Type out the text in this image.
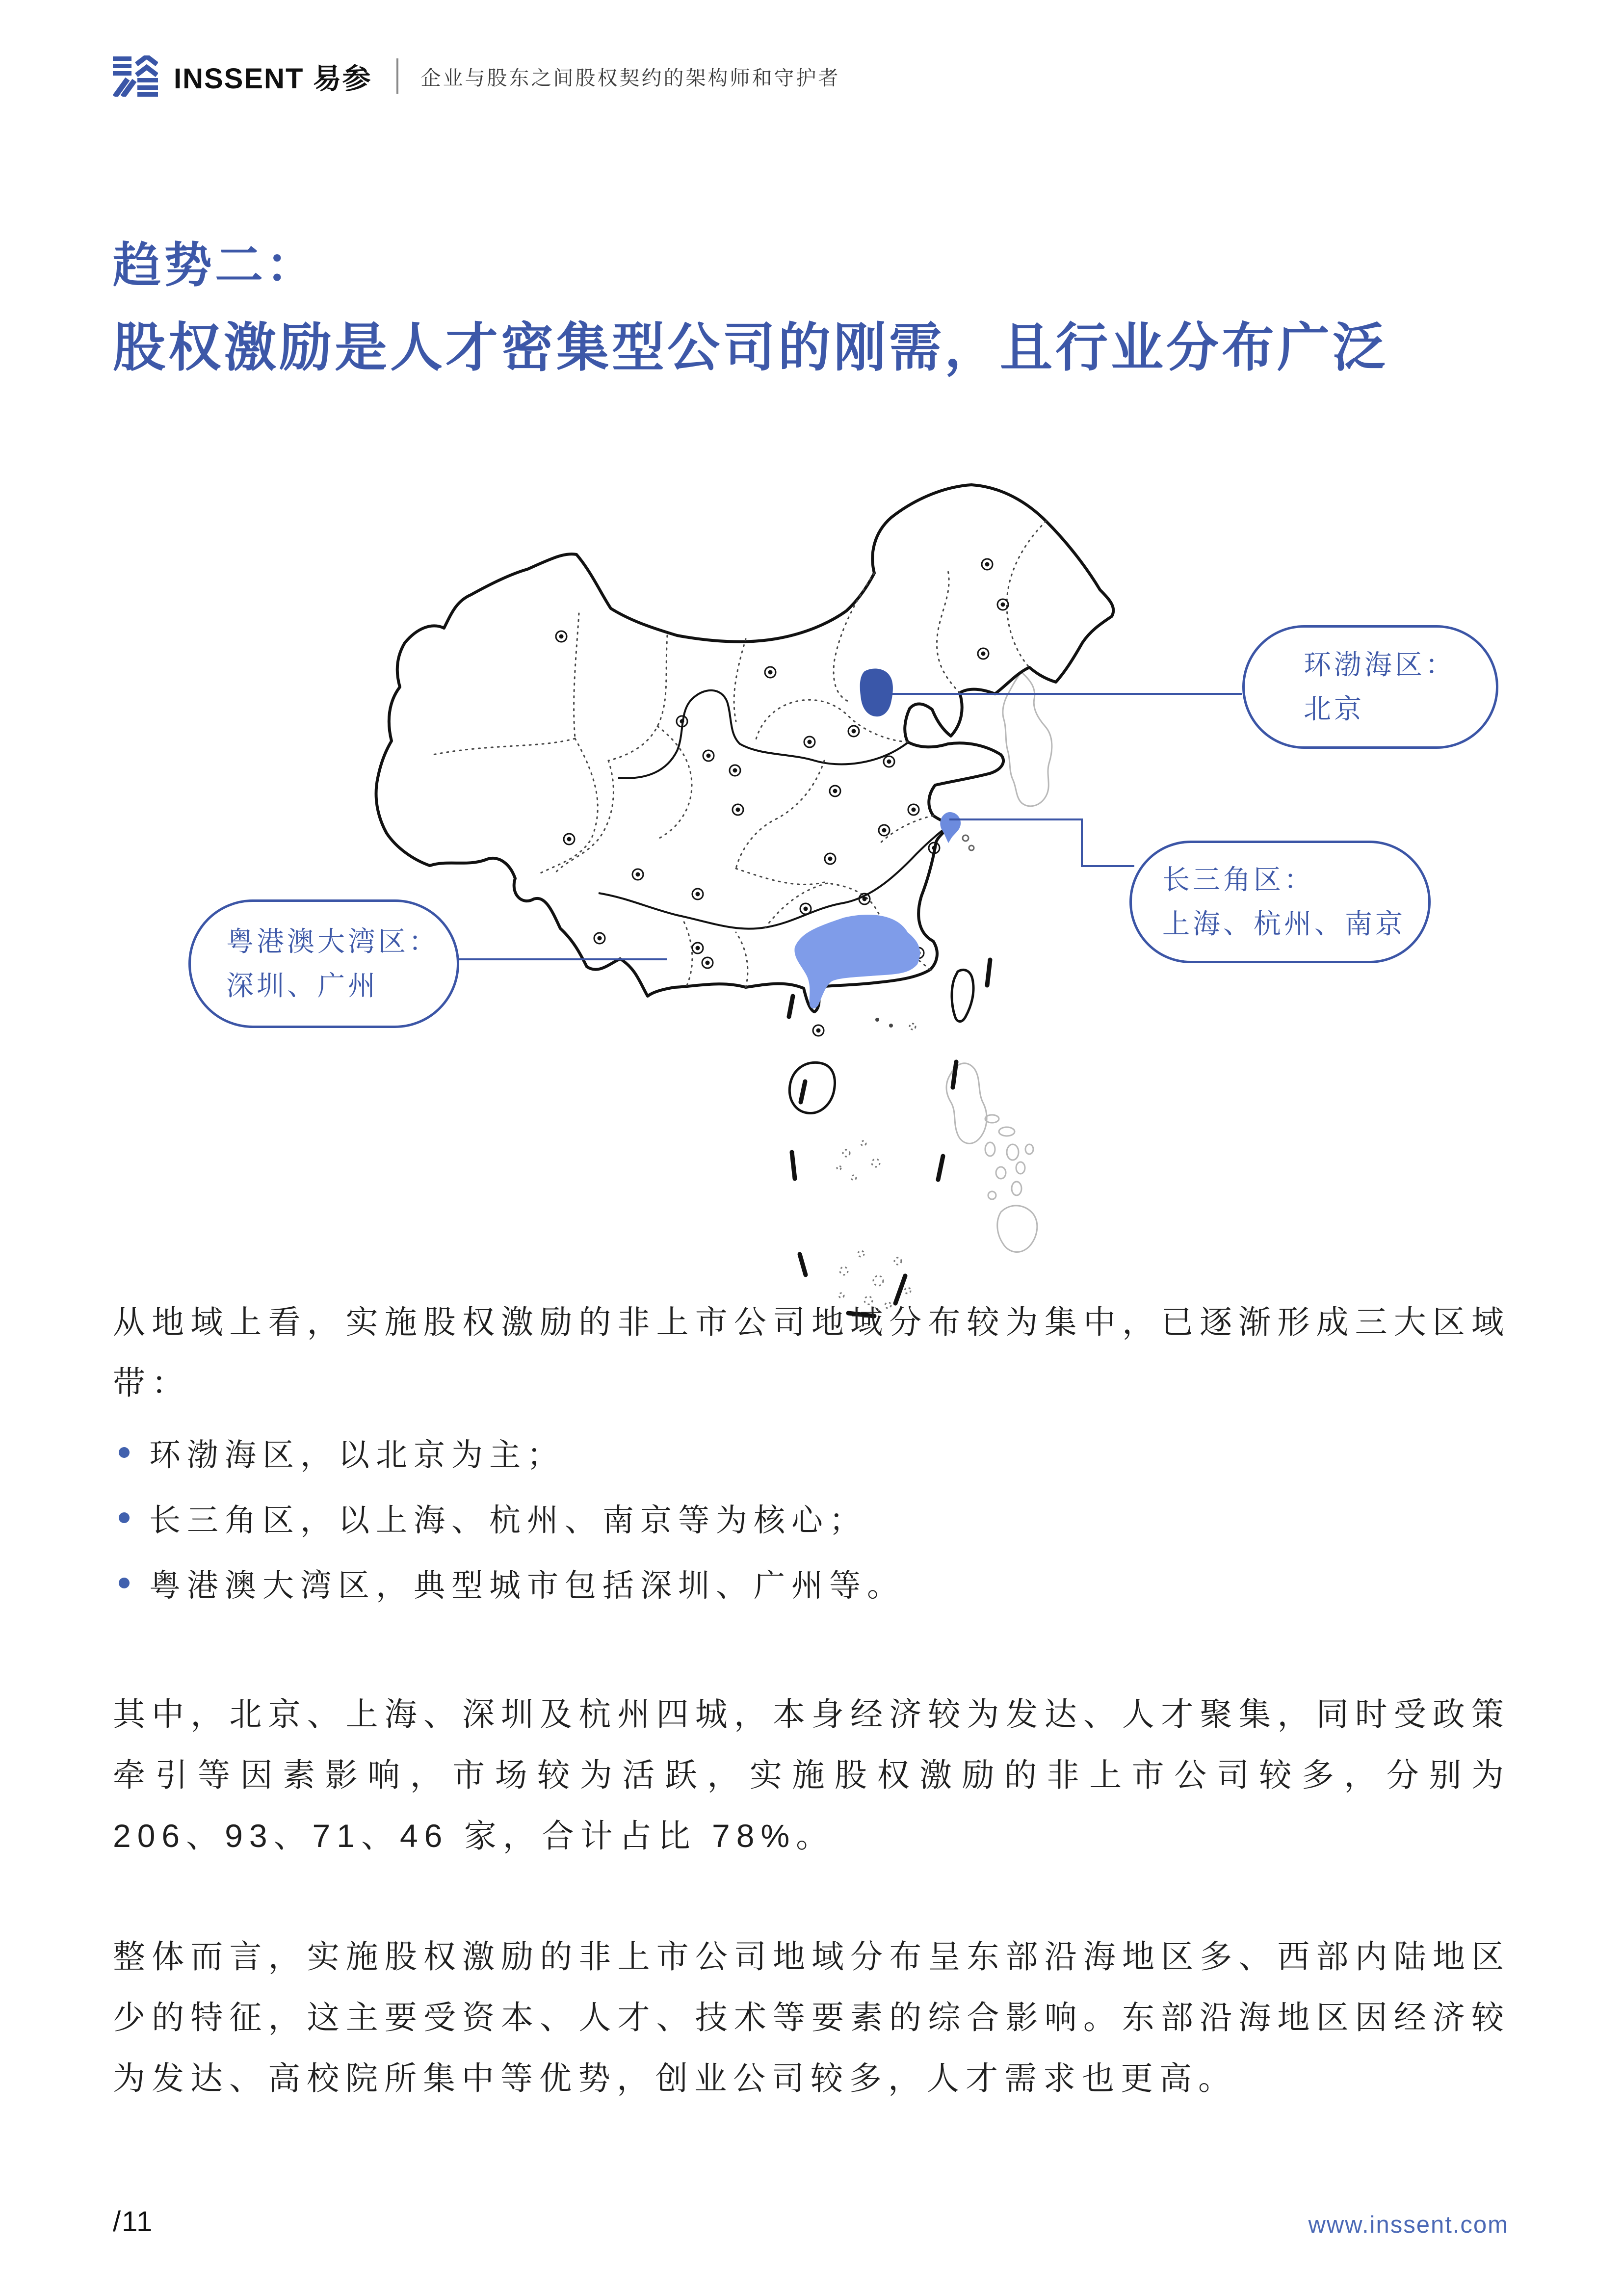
INSSENT 易参 企业与股东之间股权契约的架构师和守护者
趋势二：
股权激励是人才密集型公司的刚需，且行业分布广泛
环渤海区：
北京
长三角区：
上海、杭州、南京
粤港澳大湾区：
深圳、广州

从地域上看，实施股权激励的非上市公司地域分布较为集中，已逐渐形成三大区域带：

环渤海区，以北京为主；
长三角区，以上海、杭州、南京等为核心；
粤港澳大湾区，典型城市包括深圳、广州等。

其中，北京、上海、深圳及杭州四城，本身经济较为发达、人才聚集，同时受政策牵引等因素影响，市场较为活跃，实施股权激励的非上市公司较多，分别为 206、93、71、46 家，合计占比 78%。

整体而言，实施股权激励的非上市公司地域分布呈东部沿海地区多、西部内陆地区少的特征，这主要受资本、人才、技术等要素的综合影响。东部沿海地区因经济较为发达、高校院所集中等优势，创业公司较多，人才需求也更高。

/11	www.inssent.com
